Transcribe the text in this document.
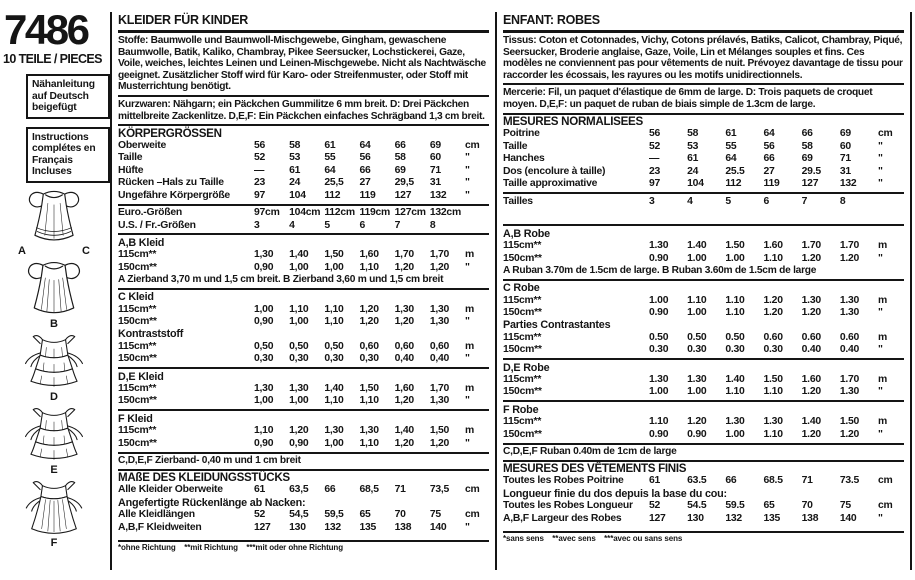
7486
10 TEILE / PIECES
Nähanleitung auf Deutsch beigefügt
Instructions complétes en Français Incluses
A	C
B
D
E
F
KLEIDER FÜR KINDER
Stoffe: Baumwolle und Baumwoll-Mischgewebe, Gingham, gewaschene Baumwolle, Batik, Kaliko, Chambray, Pikee Seersucker, Lochstickerei, Gaze, Voile, weiches, leichtes Leinen und Leinen-Mischgewebe. Nicht als Nachtwäsche geeignet. Zusätzlicher Stoff wird für Karo- oder Streifenmuster, oder Stoff mit Musterrichtung benötigt.
Kurzwaren: Nähgarn; ein Päckchen Gummilitze 6 mm breit. D: Drei Päckchen mittelbreite Zackenlitze. D,E,F: Ein Päckchen einfaches Schrägband 1,3 cm breit.
KÖRPERGRÖSSEN
Oberweite	56	58	61	64	66	69	cm
Taille	52	53	55	56	58	60	"
Hüfte	—	61	64	66	69	71	"
Rücken –Hals zu Taille	23	24	25,5	27	29,5	31	"
Ungefähre Körpergröße	97	104	112	119	127	132	"
Euro.-Größen	97cm 104cm 112cm 119cm 127cm 132cm
U.S. / Fr.-Größen	3	4	5	6	7	8
A,B Kleid
115cm**	1,30	1,40	1,50	1,60	1,70	1,70	m
150cm**	0,90	1,00	1,00	1,10	1,20	1,20	"
A Zierband 3,70 m und 1,5 cm breit. B Zierband 3,60 m und 1,5 cm breit
C Kleid
115cm**	1,00	1,10	1,10	1,20	1,30	1,30	m
150cm**	0,90	1,00	1,10	1,20	1,20	1,30	"
Kontraststoff
115cm**	0,50	0,50	0,50	0,60	0,60	0,60	m
150cm**	0,30	0,30	0,30	0,30	0,40	0,40	"
D,E Kleid
115cm**	1,30	1,30	1,40	1,50	1,60	1,70	m
150cm**	1,00	1,00	1,10	1,10	1,20	1,30	"
F Kleid
115cm**	1,10	1,20	1,30	1,30	1,40	1,50	m
150cm**	0,90	0,90	1,00	1,10	1,20	1,20	"
C,D,E,F Zierband- 0,40 m und 1 cm breit
MAßE DES KLEIDUNGSSTÜCKS
Alle Kleider Oberweite	61	63,5	66	68,5	71	73,5	cm
Angefertigte Rückenlänge ab Nacken:
Alle Kleidlängen	52	54,5	59,5	65	70	75	cm
A,B,F Kleidweiten	127	130	132	135	138	140	"
*ohne Richtung    **mit Richtung    ***mit oder ohne Richtung
ENFANT: ROBES
Tissus: Coton et Cotonnades, Vichy, Cotons prélavés, Batiks, Calicot, Chambray, Piqué, Seersucker, Broderie anglaise, Gaze, Voile, Lin et Mélanges souples et fins. Ces modèles ne conviennent pas pour vêtements de nuit. Prévoyez davantage de tissu pour raccorder les écossais, les rayures ou les motifs unidirectionnels.
Mercerie: Fil, un paquet d'élastique de 6mm de large. D: Trois paquets de croquet moyen. D,E,F: un paquet de ruban de biais simple de 1.3cm de large.
MESURES NORMALISEES
Poitrine	56	58	61	64	66	69	cm
Taille	52	53	55	56	58	60	"
Hanches	—	61	64	66	69	71	"
Dos (encolure à taille)	23	24	25.5	27	29.5	31	"
Taille approximative	97	104	112	119	127	132	"
Tailles	3	4	5	6	7	8
A,B Robe
115cm**	1.30	1.40	1.50	1.60	1.70	1.70	m
150cm**	0.90	1.00	1.00	1.10	1.20	1.20	"
A Ruban 3.70m de 1.5cm de large. B Ruban 3.60m de 1.5cm de large
C Robe
115cm**	1.00	1.10	1.10	1.20	1.30	1.30	m
150cm**	0.90	1.00	1.10	1.20	1.20	1.30	"
Parties Contrastantes
115cm**	0.50	0.50	0.50	0.60	0.60	0.60	m
150cm**	0.30	0.30	0.30	0.30	0.40	0.40	"
D,E Robe
115cm**	1.30	1.30	1.40	1.50	1.60	1.70	m
150cm**	1.00	1.00	1.10	1.10	1.20	1.30	"
F Robe
115cm**	1.10	1.20	1.30	1.30	1.40	1.50	m
150cm**	0.90	0.90	1.00	1.10	1.20	1.20	"
C,D,E,F Ruban 0.40m de 1cm de large
MESURES DES VÊTEMENTS FINIS
Toutes les Robes Poitrine	61	63.5	66	68.5	71	73.5	cm
Longueur finie du dos depuis la base du cou:
Toutes les Robes Longueur	52	54.5	59.5	65	70	75	cm
A,B,F Largeur des Robes	127	130	132	135	138	140	"
*sans sens    **avec sens    ***avec ou sans sens
